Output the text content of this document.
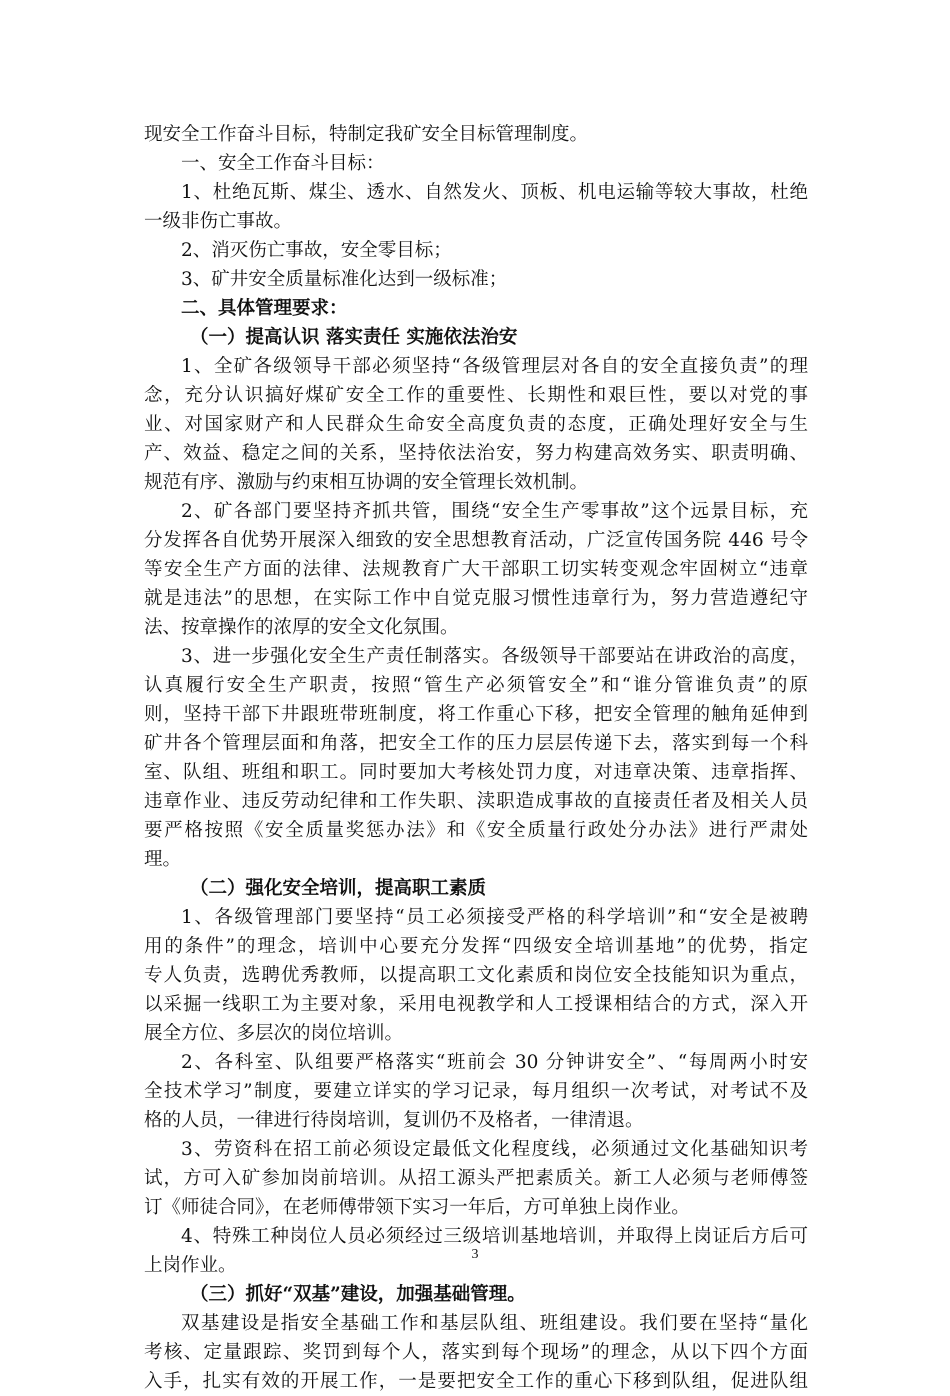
现安全工作奋斗目标，特制定我矿安全目标管理制度。
一、安全工作奋斗目标：
1、杜绝瓦斯、煤尘、透水、自然发火、顶板、机电运输等较大事故，杜绝
一级非伤亡事故。
2、消灭伤亡事故，安全零目标；
3、矿井安全质量标准化达到一级标准；
二、具体管理要求：
（一）提高认识 落实责任 实施依法治安
1、全矿各级领导干部必须坚持“各级管理层对各自的安全直接负责”的理
念，充分认识搞好煤矿安全工作的重要性、长期性和艰巨性，要以对党的事
业、对国家财产和人民群众生命安全高度负责的态度，正确处理好安全与生
产、效益、稳定之间的关系，坚持依法治安，努力构建高效务实、职责明确、
规范有序、激励与约束相互协调的安全管理长效机制。
2、矿各部门要坚持齐抓共管，围绕“安全生产零事故”这个远景目标，充
分发挥各自优势开展深入细致的安全思想教育活动，广泛宣传国务院 446 号令
等安全生产方面的法律、法规教育广大干部职工切实转变观念牢固树立“违章
就是违法”的思想，在实际工作中自觉克服习惯性违章行为，努力营造遵纪守
法、按章操作的浓厚的安全文化氛围。
3、进一步强化安全生产责任制落实。各级领导干部要站在讲政治的高度，
认真履行安全生产职责，按照“管生产必须管安全”和“谁分管谁负责”的原
则，坚持干部下井跟班带班制度，将工作重心下移，把安全管理的触角延伸到
矿井各个管理层面和角落，把安全工作的压力层层传递下去，落实到每一个科
室、队组、班组和职工。同时要加大考核处罚力度，对违章决策、违章指挥、
违章作业、违反劳动纪律和工作失职、渎职造成事故的直接责任者及相关人员
要严格按照《安全质量奖惩办法》和《安全质量行政处分办法》进行严肃处
理。
（二）强化安全培训，提高职工素质
1、各级管理部门要坚持“员工必须接受严格的科学培训”和“安全是被聘
用的条件”的理念，培训中心要充分发挥“四级安全培训基地”的优势，指定
专人负责，选聘优秀教师，以提高职工文化素质和岗位安全技能知识为重点，
以采掘一线职工为主要对象，采用电视教学和人工授课相结合的方式，深入开
展全方位、多层次的岗位培训。
2、各科室、队组要严格落实“班前会 30 分钟讲安全”、“每周两小时安
全技术学习”制度，要建立详实的学习记录，每月组织一次考试，对考试不及
格的人员，一律进行待岗培训，复训仍不及格者，一律清退。
3、劳资科在招工前必须设定最低文化程度线，必须通过文化基础知识考
试，方可入矿参加岗前培训。从招工源头严把素质关。新工人必须与老师傅签
订《师徒合同》，在老师傅带领下实习一年后，方可单独上岗作业。
4、特殊工种岗位人员必须经过三级培训基地培训，并取得上岗证后方后可
上岗作业。
（三）抓好“双基”建设，加强基础管理。
双基建设是指安全基础工作和基层队组、班组建设。我们要在坚持“量化
考核、定量跟踪、奖罚到每个人，落实到每个现场”的理念，从以下四个方面
入手，扎实有效的开展工作，一是要把安全工作的重心下移到队组，促进队组
3
